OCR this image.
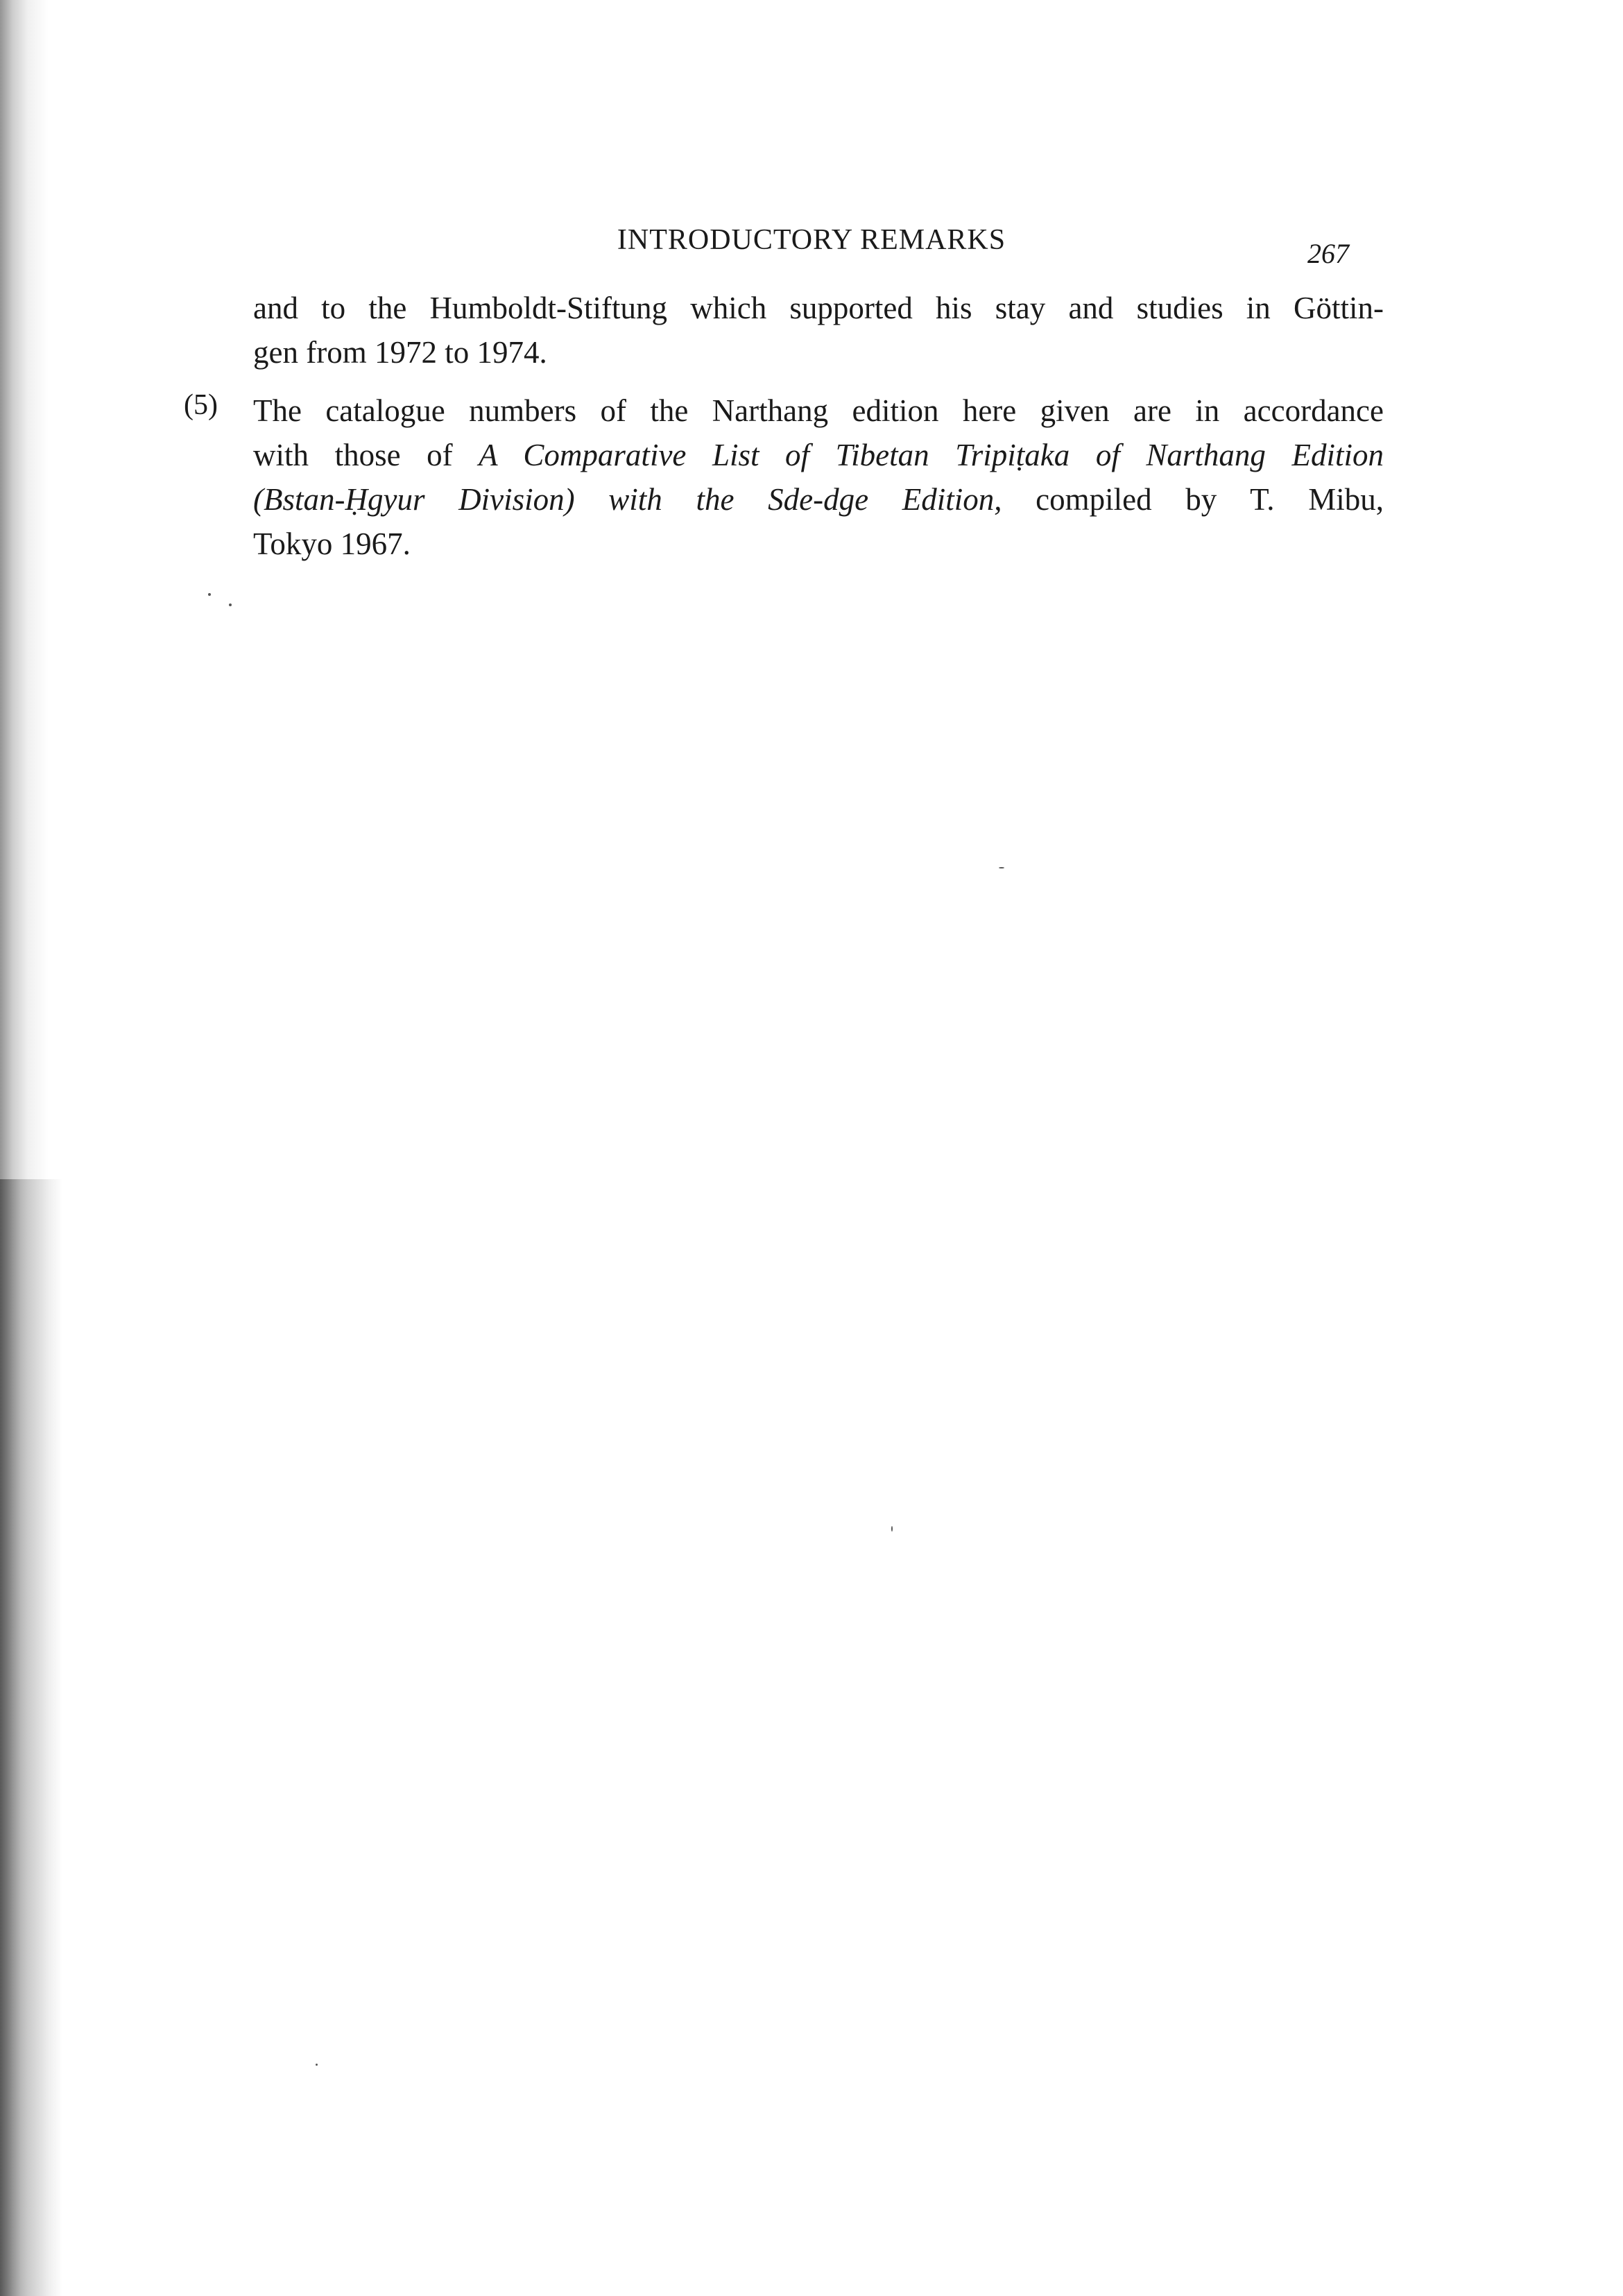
INTRODUCTORY REMARKS	267
and to the Humboldt-Stiftung which supported his stay and studies in Göttin-
gen from 1972 to 1974.
(5) The catalogue numbers of the Narthang edition here given are in accordance
with those of A Comparative List of Tibetan Tripiṭaka of Narthang Edition
(Bstan-Ḥgyur Division) with the Sde-dge Edition, compiled by T. Mibu,
Tokyo 1967.
